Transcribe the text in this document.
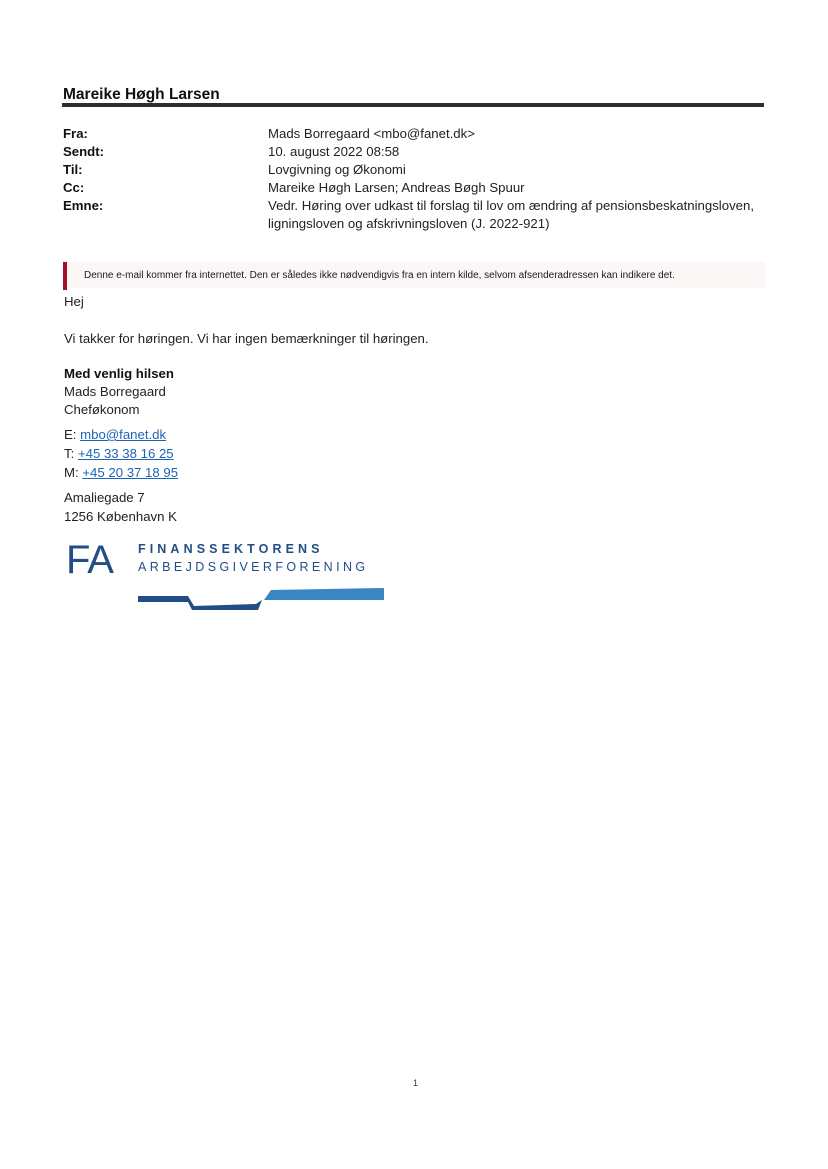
Mareike Høgh Larsen
Fra:	Mads Borregaard <mbo@fanet.dk>
Sendt:	10. august 2022 08:58
Til:	Lovgivning og Økonomi
Cc:	Mareike Høgh Larsen; Andreas Bøgh Spuur
Emne:	Vedr. Høring over udkast til forslag til lov om ændring af pensionsbeskatningsloven, ligningsloven og afskrivningsloven (J. 2022-921)
Denne e-mail kommer fra internettet. Den er således ikke nødvendigvis fra en intern kilde, selvom afsenderadressen kan indikere det.
Hej
Vi takker for høringen. Vi har ingen bemærkninger til høringen.
Med venlig hilsen
Mads Borregaard
Cheføkonom
E: mbo@fanet.dk
T: +45 33 38 16 25
M: +45 20 37 18 95
Amaliegade 7
1256 København K
FA FINANSSEKTORENS
ARBEJDSGIVERFORENING
1
